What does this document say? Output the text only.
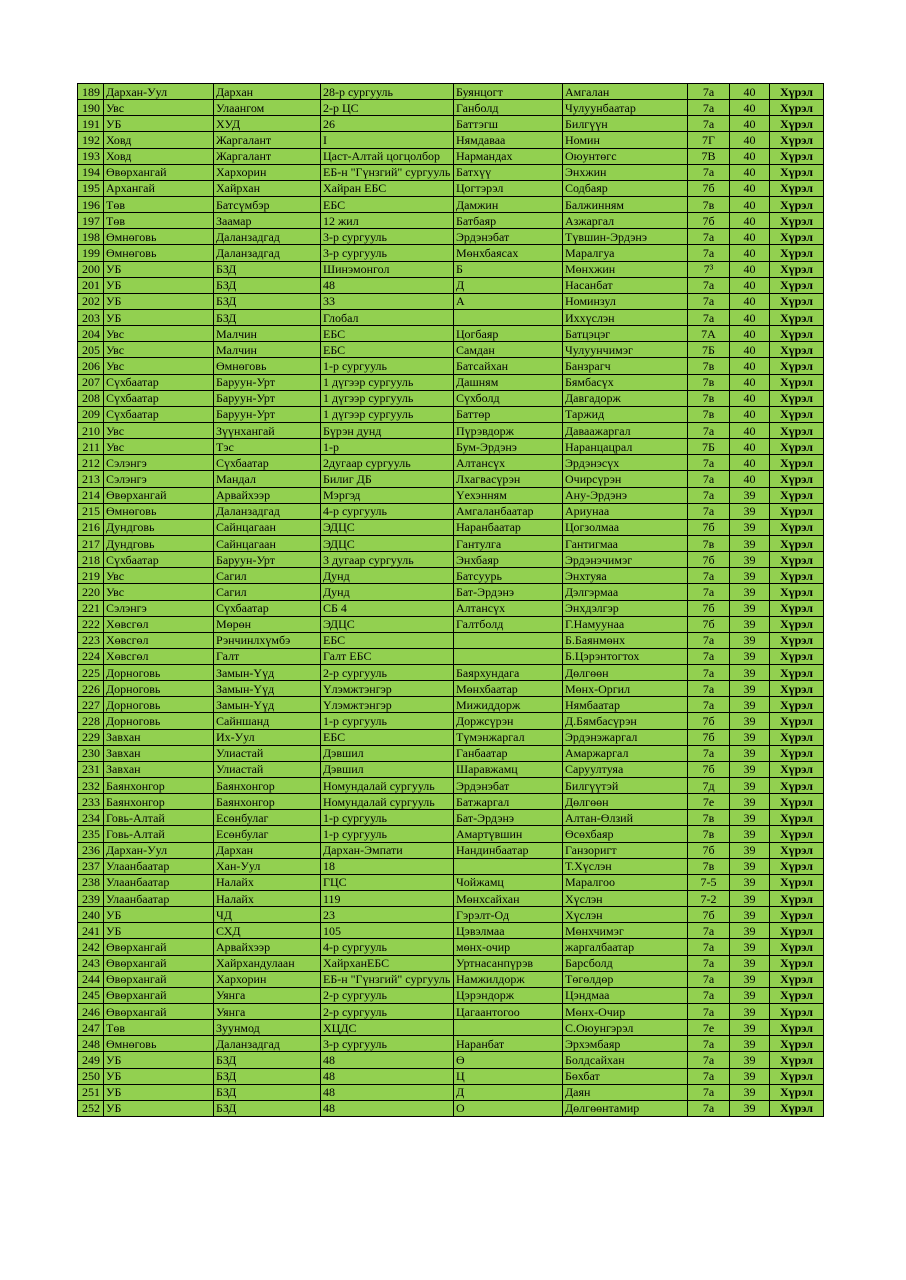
189	Дархан-Уул	Дархан	28-р сургууль	Буянцогт	Амгалан	7а	40	Хүрэл
190	Увс	Улаангом	2-р ЦС	Ганболд	Чулуунбаатар	7а	40	Хүрэл
191	УБ	ХУД	26	Баттэгш	Билгүүн	7а	40	Хүрэл
192	Ховд	Жаргалант	I	Нямдаваа	Номин	7Г	40	Хүрэл
193	Ховд	Жаргалант	Цаст-Алтай цогцолбор	Нармандах	Оюунтөгс	7В	40	Хүрэл
194	Өвөрхангай	Хархорин	ЕБ-н "Гүнзгий" сургууль	Батхүү	Энхжин	7а	40	Хүрэл
195	Архангай	Хайрхан	Хайран ЕБС	Цогтэрэл	Содбаяр	7б	40	Хүрэл
196	Төв	Батсүмбэр	ЕБС	Дамжин	Балжинням	7в	40	Хүрэл
197	Төв	Заамар	12 жил	Батбаяр	Азжаргал	7б	40	Хүрэл
198	Өмнөговь	Даланзадгад	3-р сургууль	Эрдэнэбат	Түвшин-Эрдэнэ	7а	40	Хүрэл
199	Өмнөговь	Даланзадгад	3-р сургууль	Мөнхбаясах	Маралгуа	7а	40	Хүрэл
200	УБ	БЗД	Шинэмонгол	Б	Мөнхжин	7³	40	Хүрэл
201	УБ	БЗД	48	Д	Насанбат	7а	40	Хүрэл
202	УБ	БЗД	33	А	Номинзул	7а	40	Хүрэл
203	УБ	БЗД	Глобал		Иххүслэн	7а	40	Хүрэл
204	Увс	Малчин	ЕБС	Цогбаяр	Батцэцэг	7А	40	Хүрэл
205	Увс	Малчин	ЕБС	Самдан	Чулуунчимэг	7Б	40	Хүрэл
206	Увс	Өмнөговь	1-р сургууль	Батсайхан	Банзрагч	7в	40	Хүрэл
207	Сүхбаатар	Баруун-Урт	1 дүгээр сургууль	Дашням	Бямбасүх	7в	40	Хүрэл
208	Сүхбаатар	Баруун-Урт	1 дүгээр сургууль	Сүхболд	Давгадорж	7в	40	Хүрэл
209	Сүхбаатар	Баруун-Урт	1 дүгээр сургууль	Баттөр	Таржид	7в	40	Хүрэл
210	Увс	Зүүнхангай	Бүрэн дунд	Пүрэвдорж	Даваажаргал	7а	40	Хүрэл
211	Увс	Тэс	1-р	Бум-Эрдэнэ	Наранцацрал	7Б	40	Хүрэл
212	Сэлэнгэ	Сүхбаатар	2дугаар сургууль	Алтансүх	Эрдэнэсүх	7а	40	Хүрэл
213	Сэлэнгэ	Мандал	Билиг ДБ	Лхагвасүрэн	Очирсүрэн	7а	40	Хүрэл
214	Өвөрхангай	Арвайхээр	Мэргэд	Үехэнням	Ану-Эрдэнэ	7а	39	Хүрэл
215	Өмнөговь	Даланзадгад	4-р сургууль	Амгаланбаатар	Ариунаа	7а	39	Хүрэл
216	Дундговь	Сайнцагаан	ЭДЦС	Наранбаатар	Цогзолмаа	7б	39	Хүрэл
217	Дундговь	Сайнцагаан	ЭДЦС	Гантулга	Гантигмаа	7в	39	Хүрэл
218	Сүхбаатар	Баруун-Урт	3 дугаар сургууль	Энхбаяр	Эрдэнэчимэг	7б	39	Хүрэл
219	Увс	Сагил	Дунд	Батсуурь	Энхтуяа	7а	39	Хүрэл
220	Увс	Сагил	Дунд	Бат-Эрдэнэ	Дэлгэрмаа	7а	39	Хүрэл
221	Сэлэнгэ	Сүхбаатар	СБ 4	Алтансүх	Энхдэлгэр	7б	39	Хүрэл
222	Хөвсгөл	Мөрөн	ЭДЦС	Галтболд	Г.Намуунаа	7б	39	Хүрэл
223	Хөвсгөл	Рэнчинлхүмбэ	ЕБС		Б.Баянмөнх	7а	39	Хүрэл
224	Хөвсгөл	Галт	Галт ЕБС		Б.Цэрэнтогтох	7а	39	Хүрэл
225	Дорноговь	Замын-Үүд	2-р сургууль	Баярхундага	Дөлгөөн	7а	39	Хүрэл
226	Дорноговь	Замын-Үүд	Үлэмжтэнгэр	Мөнхбаатар	Мөнх-Оргил	7а	39	Хүрэл
227	Дорноговь	Замын-Үүд	Үлэмжтэнгэр	Мижиддорж	Нямбаатар	7а	39	Хүрэл
228	Дорноговь	Сайншанд	1-р сургууль	Доржсүрэн	Д.Бямбасүрэн	7б	39	Хүрэл
229	Завхан	Их-Уул	ЕБС	Түмэнжаргал	Эрдэнэжаргал	7б	39	Хүрэл
230	Завхан	Улиастай	Дэвшил	Ганбаатар	Амаржаргал	7а	39	Хүрэл
231	Завхан	Улиастай	Дэвшил	Шаравжамц	Саруултуяа	7б	39	Хүрэл
232	Баянхонгор	Баянхонгор	Номундалай сургууль	Эрдэнэбат	Билгүүтэй	7д	39	Хүрэл
233	Баянхонгор	Баянхонгор	Номундалай сургууль	Батжаргал	Дөлгөөн	7е	39	Хүрэл
234	Говь-Алтай	Есөнбулаг	1-р сургууль	Бат-Эрдэнэ	Алтан-Өлзий	7в	39	Хүрэл
235	Говь-Алтай	Есөнбулаг	1-р сургууль	Амартүвшин	Өсөхбаяр	7в	39	Хүрэл
236	Дархан-Уул	Дархан	Дархан-Эмпати	Нандинбаатар	Ганзоригт	7б	39	Хүрэл
237	Улаанбаатар	Хан-Уул	18		Т.Хүслэн	7в	39	Хүрэл
238	Улаанбаатар	Налайх	ГЦС	Чойжамц	Маралгоо	7-5	39	Хүрэл
239	Улаанбаатар	Налайх	119	Мөнхсайхан	Хүслэн	7-2	39	Хүрэл
240	УБ	ЧД	23	Гэрэлт-Од	Хүслэн	7б	39	Хүрэл
241	УБ	СХД	105	Цэвэлмаа	Мөнхчимэг	7а	39	Хүрэл
242	Өвөрхангай	Арвайхээр	4-р сургууль	мөнх-очир	жаргалбаатар	7а	39	Хүрэл
243	Өвөрхангай	Хайрхандулаан	ХайрханЕБС	Уртнасанпүрэв	Барсболд	7а	39	Хүрэл
244	Өвөрхангай	Хархорин	ЕБ-н "Гүнзгий" сургууль	Намжилдорж	Төгөлдөр	7а	39	Хүрэл
245	Өвөрхангай	Уянга	2-р сургууль	Цэрэндорж	Цэндмаа	7а	39	Хүрэл
246	Өвөрхангай	Уянга	2-р сургууль	Цагаантогоо	Мөнх-Очир	7а	39	Хүрэл
247	Төв	Зуунмод	ХЦДС		С.Оюунгэрэл	7е	39	Хүрэл
248	Өмнөговь	Даланзадгад	3-р сургууль	Наранбат	Эрхэмбаяр	7а	39	Хүрэл
249	УБ	БЗД	48	Ө	Болдсайхан	7а	39	Хүрэл
250	УБ	БЗД	48	Ц	Бөхбат	7а	39	Хүрэл
251	УБ	БЗД	48	Д	Даян	7а	39	Хүрэл
252	УБ	БЗД	48	О	Дөлгөөнтамир	7а	39	Хүрэл
